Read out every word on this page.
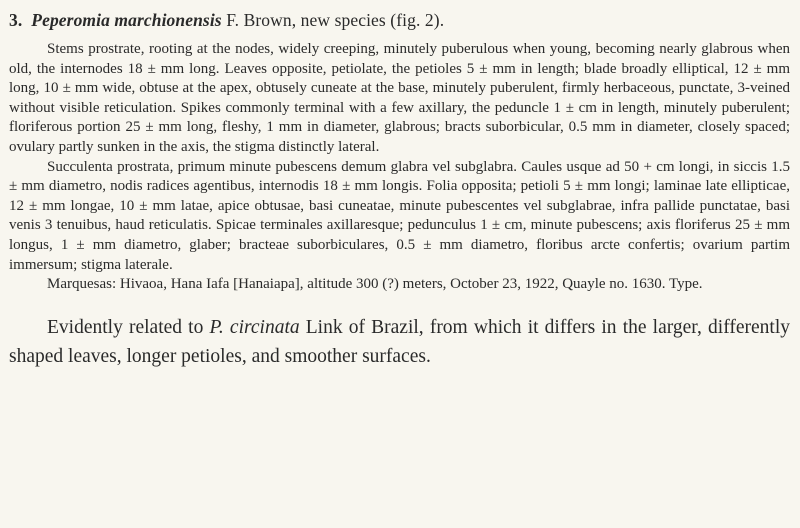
3. Peperomia marchionensis F. Brown, new species (fig. 2).

Stems prostrate, rooting at the nodes, widely creeping, minutely puberulous when young, becoming nearly glabrous when old, the internodes 18 ± mm long. Leaves opposite, petiolate, the petioles 5 ± mm in length; blade broadly elliptical, 12 ± mm long, 10 ± mm wide, obtuse at the apex, obtusely cuneate at the base, minutely puberulent, firmly herbaceous, punctate, 3-veined without visible reticulation. Spikes commonly terminal with a few axillary, the peduncle 1 ± cm in length, minutely puberulent; floriferous portion 25 ± mm long, fleshy, 1 mm in diameter, glabrous; bracts suborbicular, 0.5 mm in diameter, closely spaced; ovulary partly sunken in the axis, the stigma distinctly lateral.

Succulenta prostrata, primum minute pubescens demum glabra vel subglabra. Caules usque ad 50 + cm longi, in siccis 1.5 ± mm diametro, nodis radices agentibus, internodis 18 ± mm longis. Folia opposita; petioli 5 ± mm longi; laminae late ellipticae, 12 ± mm longae, 10 ± mm latae, apice obtusae, basi cuneatae, minute pubescentes vel subglabrae, infra pallide punctatae, basi venis 3 tenuibus, haud reticulatis. Spicae terminales axillaresque; pedunculus 1 ± cm, minute pubescens; axis floriferus 25 ± mm longus, 1 ± mm diametro, glaber; bracteae suborbiculares, 0.5 ± mm diametro, floribus arcte confertis; ovarium partim immersum; stigma laterale.

Marquesas: Hivaoa, Hana Iafa [Hanaiapa], altitude 300 (?) meters, October 23, 1922, Quayle no. 1630. Type.

Evidently related to P. circinata Link of Brazil, from which it differs in the larger, differently shaped leaves, longer petioles, and smoother surfaces.
